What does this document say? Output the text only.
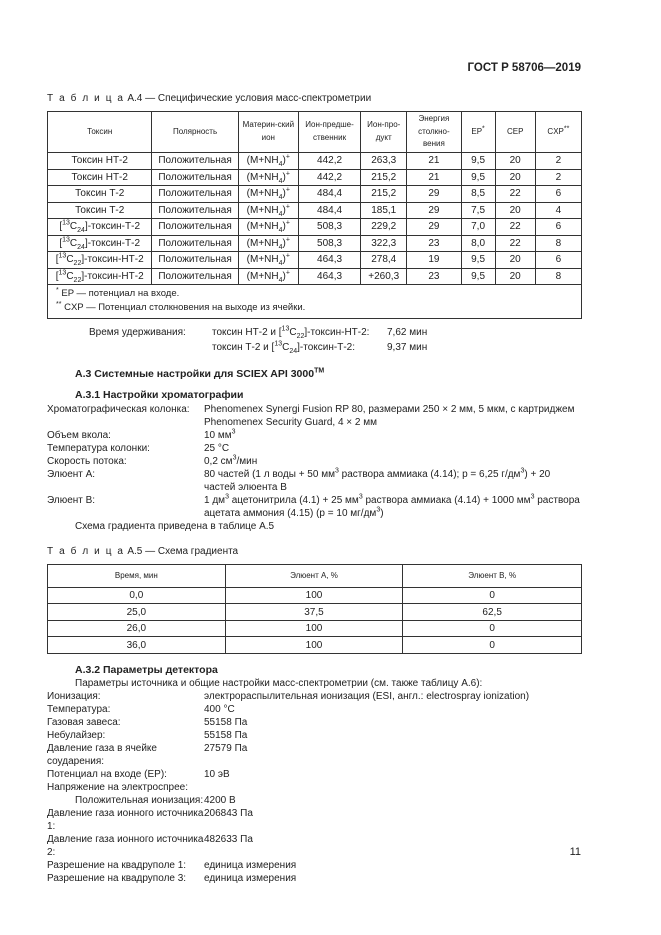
ГОСТ Р 58706—2019
Т а б л и ц а А.4 — Специфические условия масс-спектрометрии
Токсин	Полярность	Материн-ский ион	Ион-предше-ственник	Ион-про-дукт	Энергия столкно-вения	EP*	CEP	CXP**
Токсин НТ-2	Положительная	$(M+NH_4)^+$	442,2	263,3	21	9,5	20	2
Токсин НТ-2	Положительная	$(M+NH_4)^+$	442,2	215,2	21	9,5	20	2
Токсин Т-2	Положительная	$(M+NH_4)^+$	484,4	215,2	29	8,5	22	6
Токсин Т-2	Положительная	$(M+NH_4)^+$	484,4	185,1	29	7,5	20	4
$[^{13}C_{24}]-токсин-Т-2$	Положительная	$(M+NH_4)^+$	508,3	229,2	29	7,0	22	6
$[^{13}C_{24}]-токсин-Т-2$	Положительная	$(M+NH_4)^+$	508,3	322,3	23	8,0	22	8
$[^{13}C_{22}]-токсин-НТ-2$	Положительная	$(M+NH_4)^+$	464,3	278,4	19	9,5	20	6
$[^{13}C_{22}]-токсин-НТ-2$	Положительная	$(M+NH_4)^+$	464,3	+260,3	23	9,5	20	8

* EP — потенциал на входе.
** CXP — Потенциал столкновения на выходе из ячейки.								
Время удерживания:	токсин НТ-2 и $[^{13}C_{22}]-токсин-НТ-2$:	7,62 мин
токсин Т-2 и $[^{13}C_{24}]-токсин-Т-2$:	9,37 мин
А.3 Системные настройки для SCIEX API 3000™
А.3.1 Настройки хроматографии
Хроматографическая колонка:	Phenomenex Synergi Fusion RP 80, размерами 250 × 2 мм, 5 мкм, с картриджем Phenomenex Security Guard, 4 × 2 мм
Объем вкола:	10 $мм^3$
Температура колонки:	25 °C
Скорость потока:	0,2 $см^3$/мин
Элюент А:	80 частей (1 л воды + 50 $мм^3$ раствора аммиака (4.14); р = 6,25 $г/дм^3) + 20$ частей элюента В
Элюент В:	1 $дм^3$ ацетонитрила (4.1) + 25 $мм^3$ раствора аммиака (4.14) + 1000 $мм^3$ раствора ацетата аммония (4.15) (р = 10 $мг/дм^3$)
Схема градиента приведена в таблице А.5
Т а б л и ц а А.5 — Схема градиента
Время, мин	Элюент А, %	Элюент В, %
0,0	100	0
25,0	37,5	62,5
26,0	100	0
36,0	100	0
А.3.2 Параметры детектора
Параметры источника и общие настройки масс-спектрометрии (см. также таблицу А.6):
Ионизация:	электрораспылительная ионизация (ESI, англ.: electrospray ionization)
Температура:	400 °C
Газовая завеса:	55158 Па
Небулайзер:	55158 Па
Давление газа в ячейке соударения:
27579 Па
Потенциал на входе (EP):	10 эВ
Напряжение на электроспрее:
Положительная ионизация: 4200 В
Давление газа ионного источника 1:
206843 Па
Давление газа ионного источника 2:
482633 Па
Разрешение на квадруполе 1:	единица измерения
Разрешение на квадруполе 3:	единица измерения
11
